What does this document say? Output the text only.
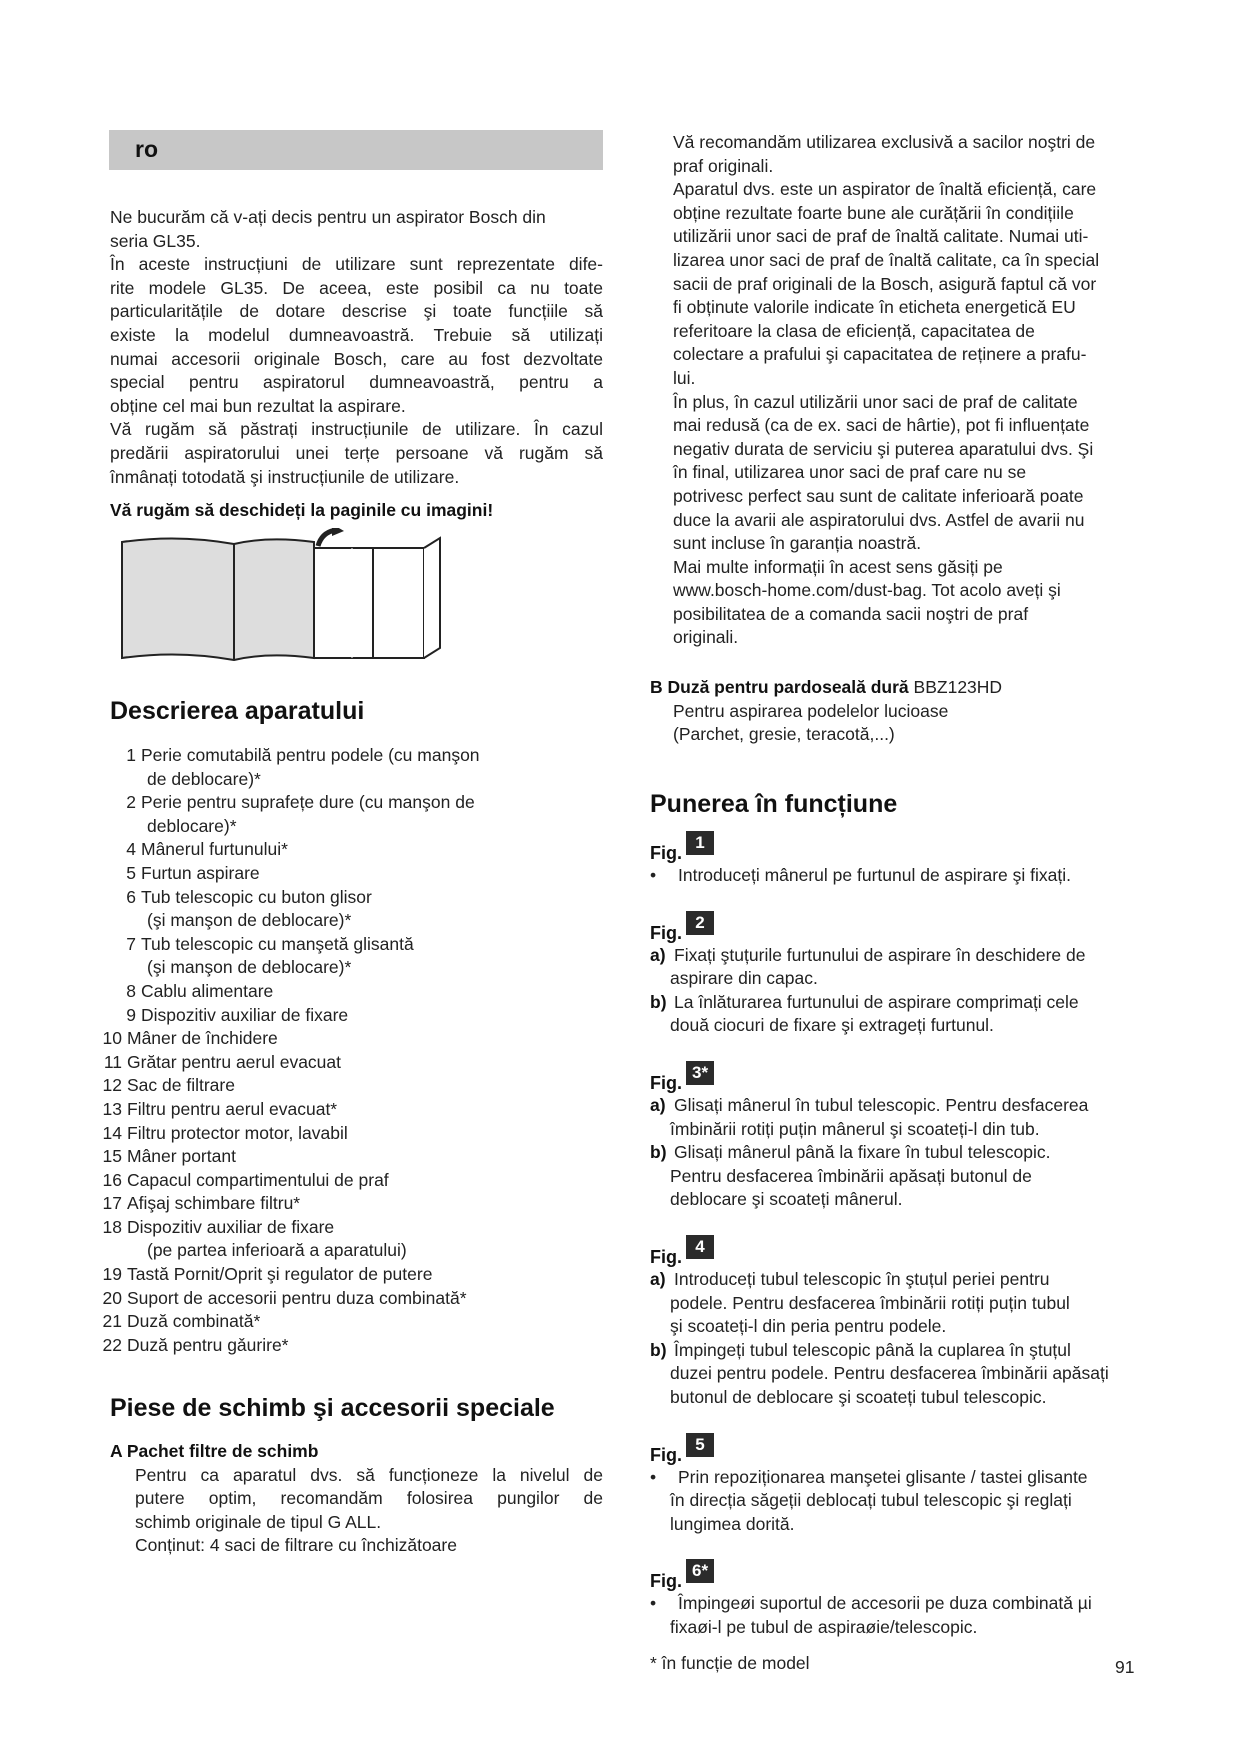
ro
Ne bucurăm că v-ați decis pentru un aspirator Bosch din
seria GL35.
În aceste instrucțiuni de utilizare sunt reprezentate dife-
rite modele GL35. De aceea, este posibil ca nu toate
particularitățile de dotare descrise şi toate funcțiile să
existe la modelul dumneavoastră. Trebuie să utilizați
numai accesorii originale Bosch, care au fost dezvoltate
special pentru aspiratorul dumneavoastră, pentru a
obține cel mai bun rezultat la aspirare.
Vă rugăm să păstrați instrucțiunile de utilizare. În cazul
predării aspiratorului unei terțe persoane vă rugăm să
înmânați totodată şi instrucțiunile de utilizare.
Vă rugăm să deschideți la paginile cu imagini!
Descrierea aparatului
1 Perie comutabilă pentru podele (cu manşon
de deblocare)*
2 Perie pentru suprafețe dure (cu manşon de
deblocare)*
4 Mânerul furtunului*
5 Furtun aspirare
6 Tub telescopic cu buton glisor
(şi manşon de deblocare)*
7 Tub telescopic cu manşetă glisantă
(şi manşon de deblocare)*
8 Cablu alimentare
9 Dispozitiv auxiliar de fixare
10 Mâner de închidere
11 Grătar pentru aerul evacuat
12 Sac de filtrare
13 Filtru pentru aerul evacuat*
14 Filtru protector motor, lavabil
15 Mâner portant
16 Capacul compartimentului de praf
17 Afişaj schimbare filtru*
18 Dispozitiv auxiliar de fixare
(pe partea inferioară a aparatului)
19 Tastă Pornit/Oprit şi regulator de putere
20 Suport de accesorii pentru duza combinată*
21 Duză combinată*
22 Duză pentru gǎurire*
Piese de schimb şi accesorii speciale
A Pachet filtre de schimb
Pentru ca aparatul dvs. să funcționeze la nivelul de
putere optim, recomandăm folosirea pungilor de
schimb originale de tipul G ALL.
Conținut: 4 saci de filtrare cu închizătoare
Vă recomandăm utilizarea exclusivă a sacilor noştri de
praf originali.
Aparatul dvs. este un aspirator de înaltă eficiență, care
obține rezultate foarte bune ale curățării în condițiile
utilizării unor saci de praf de înaltă calitate. Numai uti-
lizarea unor saci de praf de înaltă calitate, ca în special
sacii de praf originali de la Bosch, asigură faptul că vor
fi obținute valorile indicate în eticheta energetică EU
referitoare la clasa de eficiență, capacitatea de
colectare a prafului şi capacitatea de reținere a prafu-
lui.
În plus, în cazul utilizării unor saci de praf de calitate
mai redusă (ca de ex. saci de hârtie), pot fi influențate
negativ durata de serviciu şi puterea aparatului dvs. Şi
în final, utilizarea unor saci de praf care nu se
potrivesc perfect sau sunt de calitate inferioară poate
duce la avarii ale aspiratorului dvs. Astfel de avarii nu
sunt incluse în garanția noastră.
Mai multe informații în acest sens găsiți pe
www.bosch-home.com/dust-bag. Tot acolo aveți şi
posibilitatea de a comanda sacii noştri de praf
originali.
B Duză pentru pardoseală dură BBZ123HD
Pentru aspirarea podelelor lucioase
(Parchet, gresie, teracotă,...)
Punerea în funcțiune
Fig.
1
• Introduceți mânerul pe furtunul de aspirare şi fixați.
Fig.
2
a) Fixați ştuțurile furtunului de aspirare în deschidere de
aspirare din capac.
b) La înlăturarea furtunului de aspirare comprimați cele
două ciocuri de fixare şi extrageți furtunul.
Fig.
3*
a) Glisați mânerul în tubul telescopic. Pentru desfacerea
îmbinării rotiți puțin mânerul şi scoateți-l din tub.
b) Glisați mânerul până la fixare în tubul telescopic.
Pentru desfacerea îmbinării apăsați butonul de
deblocare şi scoateți mânerul.
Fig.
4
a) Introduceți tubul telescopic în ştuțul periei pentru
podele. Pentru desfacerea îmbinării rotiți puțin tubul
şi scoateți-l din peria pentru podele.
b) Împingeți tubul telescopic până la cuplarea în ştuțul
duzei pentru podele. Pentru desfacerea îmbinării apăsați
butonul de deblocare şi scoateți tubul telescopic.
Fig.
5
• Prin repoziționarea manşetei glisante / tastei glisante
în direcția săgeții deblocați tubul telescopic şi reglați
lungimea dorită.
Fig.
6*
• Împingeøi suportul de accesorii pe duza combinatǎ µi
fixaøi-l pe tubul de aspiraøie/telescopic.
* în funcție de model	91
